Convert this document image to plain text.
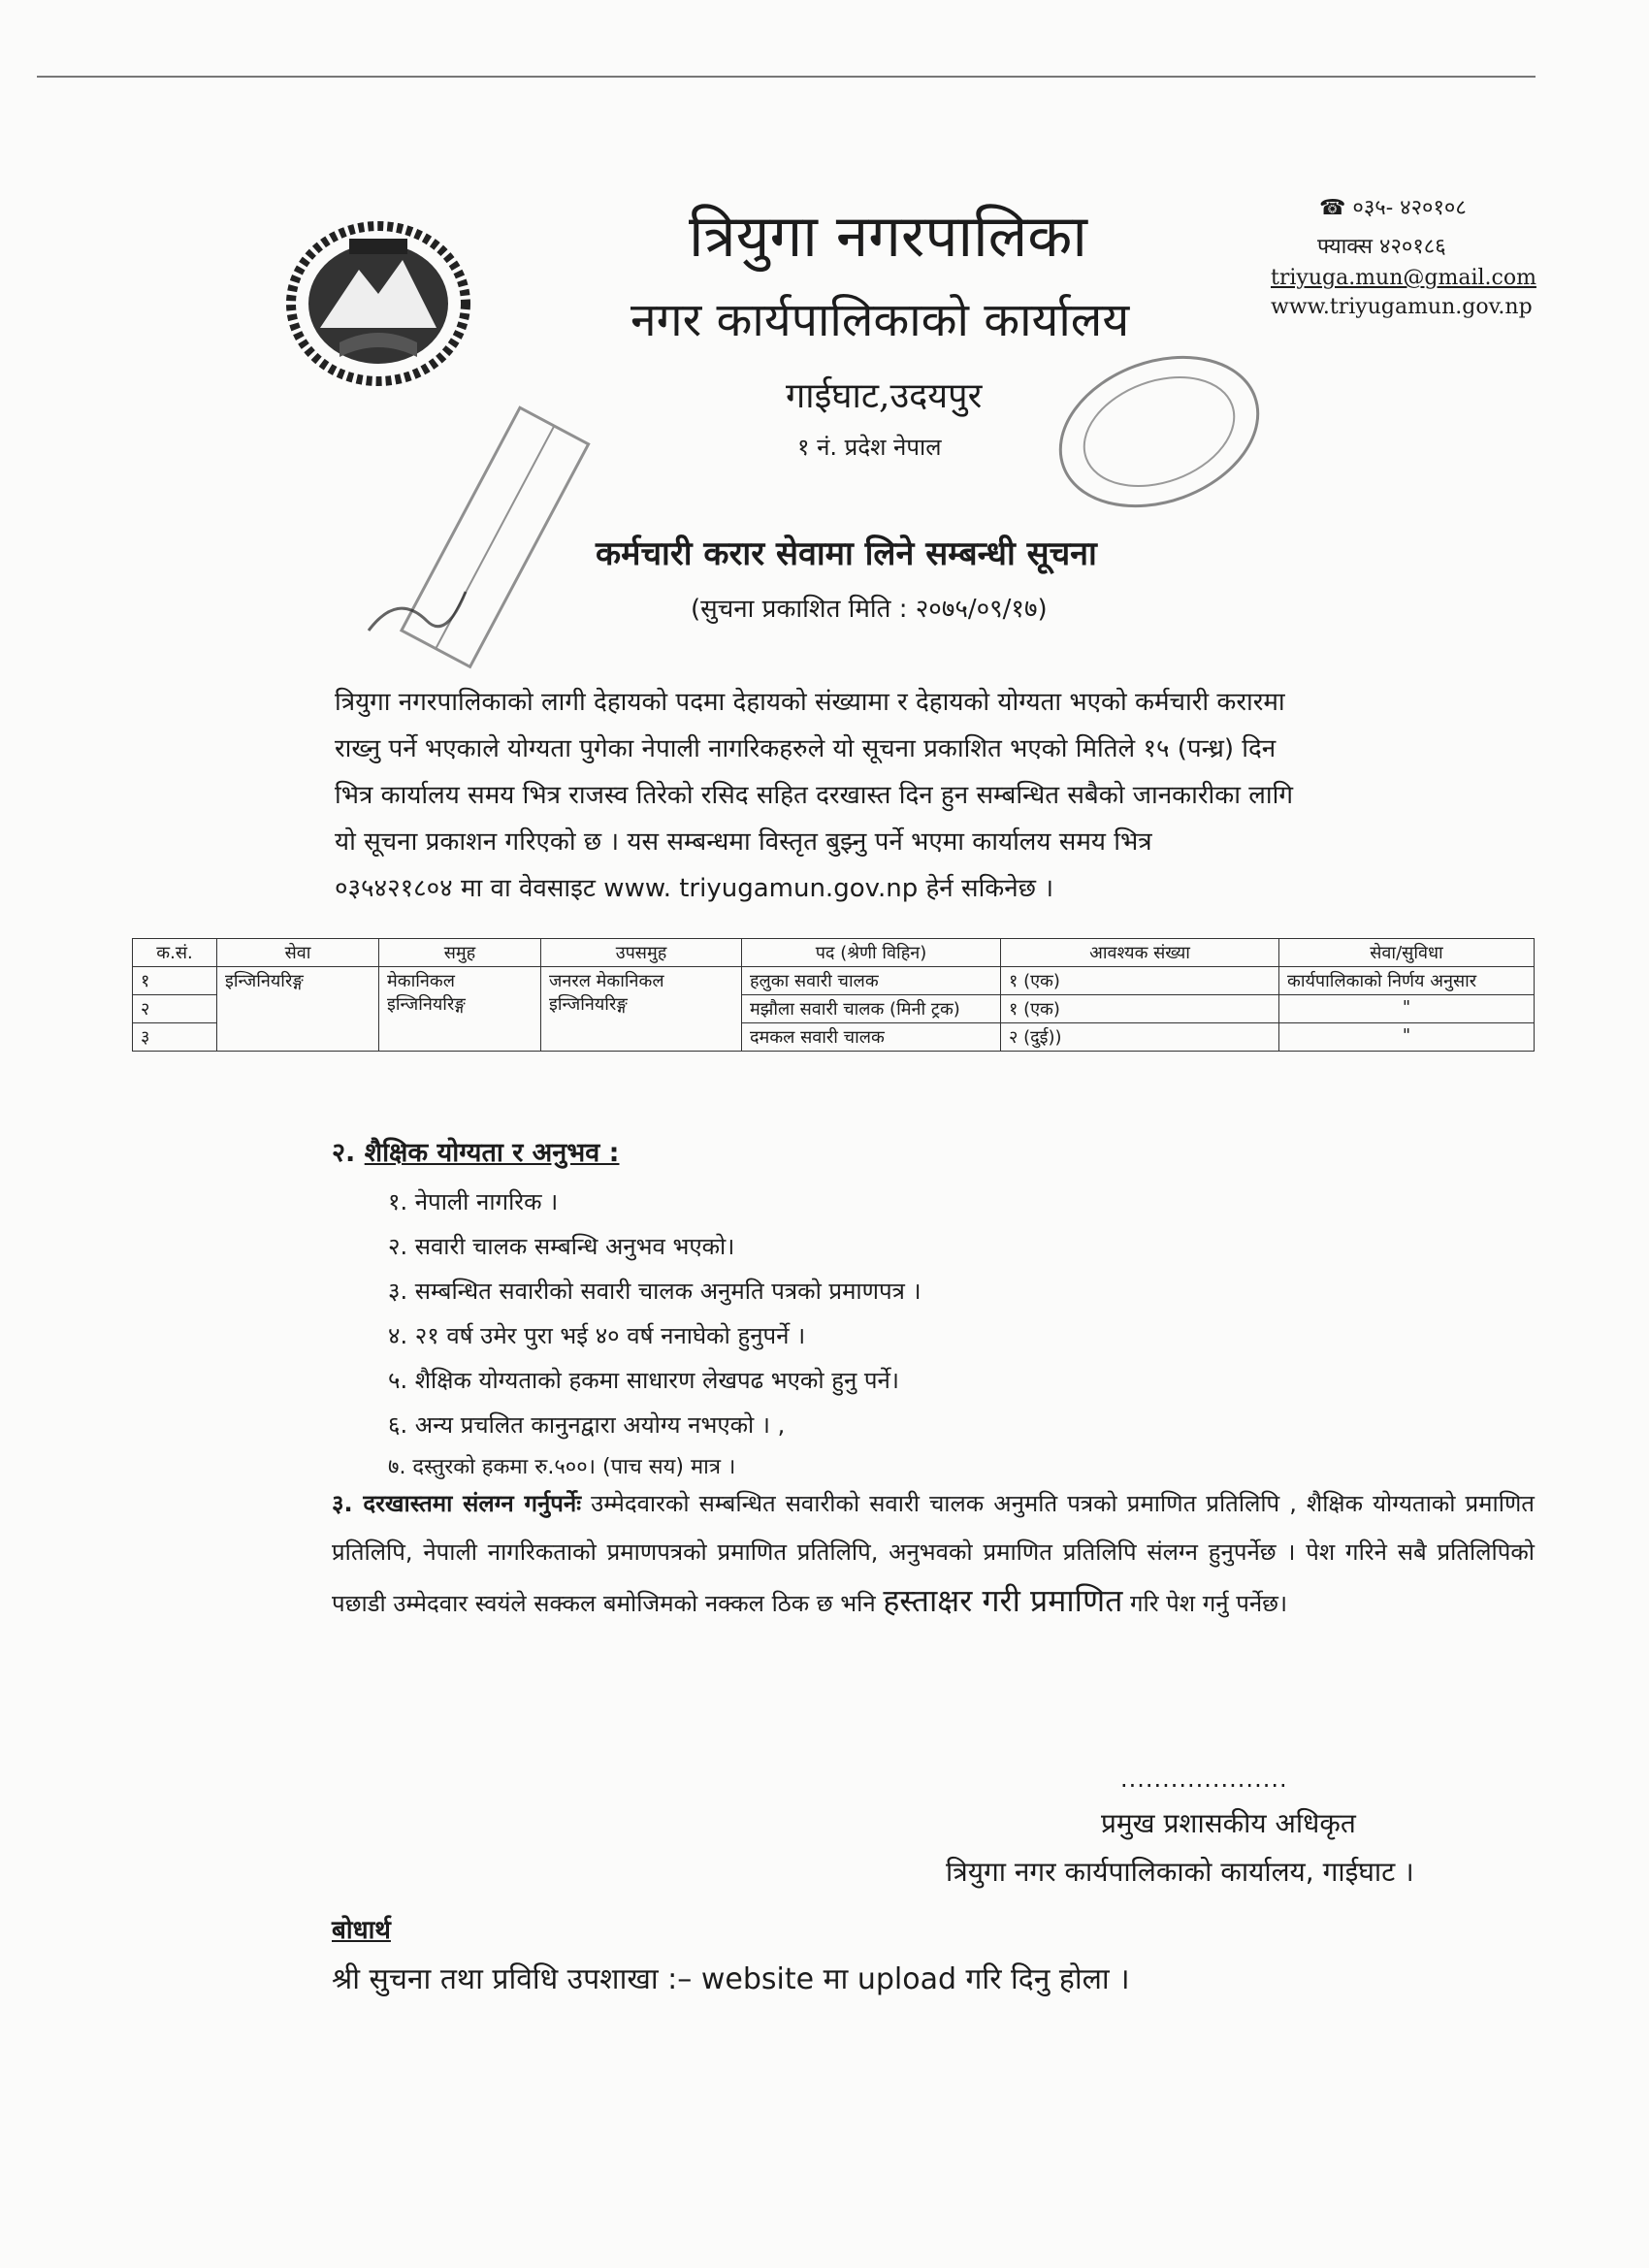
त्रियुगा नगरपालिका
नगर कार्यपालिकाको कार्यालय
गाईघाट,उदयपुर
१ नं. प्रदेश नेपाल
☎ ०३५- ४२०१०८
फ्याक्स ४२०१८६
triyuga.mun@gmail.com
www.triyugamun.gov.np
कर्मचारी करार सेवामा लिने सम्बन्धी सूचना
(सुचना प्रकाशित मिति : २०७५/०९/१७)
त्रियुगा नगरपालिकाको लागी देहायको पदमा देहायको संख्यामा र देहायको योग्यता भएको कर्मचारी करारमा
राख्नु पर्ने भएकाले योग्यता पुगेका नेपाली नागरिकहरुले यो सूचना प्रकाशित भएको मितिले १५ (पन्ध्र) दिन
भित्र कार्यालय समय भित्र राजस्व तिरेको रसिद सहित दरखास्त दिन हुन सम्बन्धित सबैको जानकारीका लागि
यो सूचना प्रकाशन गरिएको छ । यस सम्बन्धमा विस्तृत बुझ्नु पर्ने भएमा कार्यालय समय भित्र
०३५४२१८०४ मा वा वेवसाइट www. triyugamun.gov.np हेर्न सकिनेछ ।
क.सं.	सेवा	समुह	उपसमुह	पद (श्रेणी विहिन)	आवश्यक संख्या	सेवा/सुविधा
१	इन्जिनियरिङ्ग	मेकानिकल इन्जिनियरिङ्ग	जनरल मेकानिकल इन्जिनियरिङ्ग	हलुका सवारी चालक	१ (एक)	कार्यपालिकाको निर्णय अनुसार
२				मझौला सवारी चालक (मिनी ट्रक)	१ (एक)	"
३				दमकल सवारी चालक	२ (दुई))	"
२. शैक्षिक योग्यता र अनुभव :
१. नेपाली नागरिक ।
२. सवारी चालक सम्बन्धि अनुभव भएको।
३. सम्बन्धित सवारीको सवारी चालक अनुमति पत्रको प्रमाणपत्र ।
४. २१ वर्ष उमेर पुरा भई ४० वर्ष ननाघेको हुनुपर्ने ।
५. शैक्षिक योग्यताको हकमा साधारण लेखपढ भएको हुनु पर्ने।
६. अन्य प्रचलित कानुनद्वारा अयोग्य नभएको । ,
७. दस्तुरको हकमा रु.५००। (पाच सय) मात्र ।
३. दरखास्तमा संलग्न गर्नुपर्नेः उम्मेदवारको सम्बन्धित सवारीको सवारी चालक अनुमति पत्रको प्रमाणित प्रतिलिपि , शैक्षिक योग्यताको प्रमाणित प्रतिलिपि, नेपाली नागरिकताको प्रमाणपत्रको प्रमाणित प्रतिलिपि, अनुभवको प्रमाणित प्रतिलिपि संलग्न हुनुपर्नेछ । पेश गरिने सबै प्रतिलिपिको पछाडी उम्मेदवार स्वयंले सक्कल बमोजिमको नक्कल ठिक छ भनि हस्ताक्षर गरी प्रमाणित गरि पेश गर्नु पर्नेछ।
....................
प्रमुख प्रशासकीय अधिकृत
त्रियुगा नगर कार्यपालिकाको कार्यालय, गाईघाट ।
बोधार्थ
श्री सुचना तथा प्रविधि उपशाखा :– website मा upload गरि दिनु होला ।
